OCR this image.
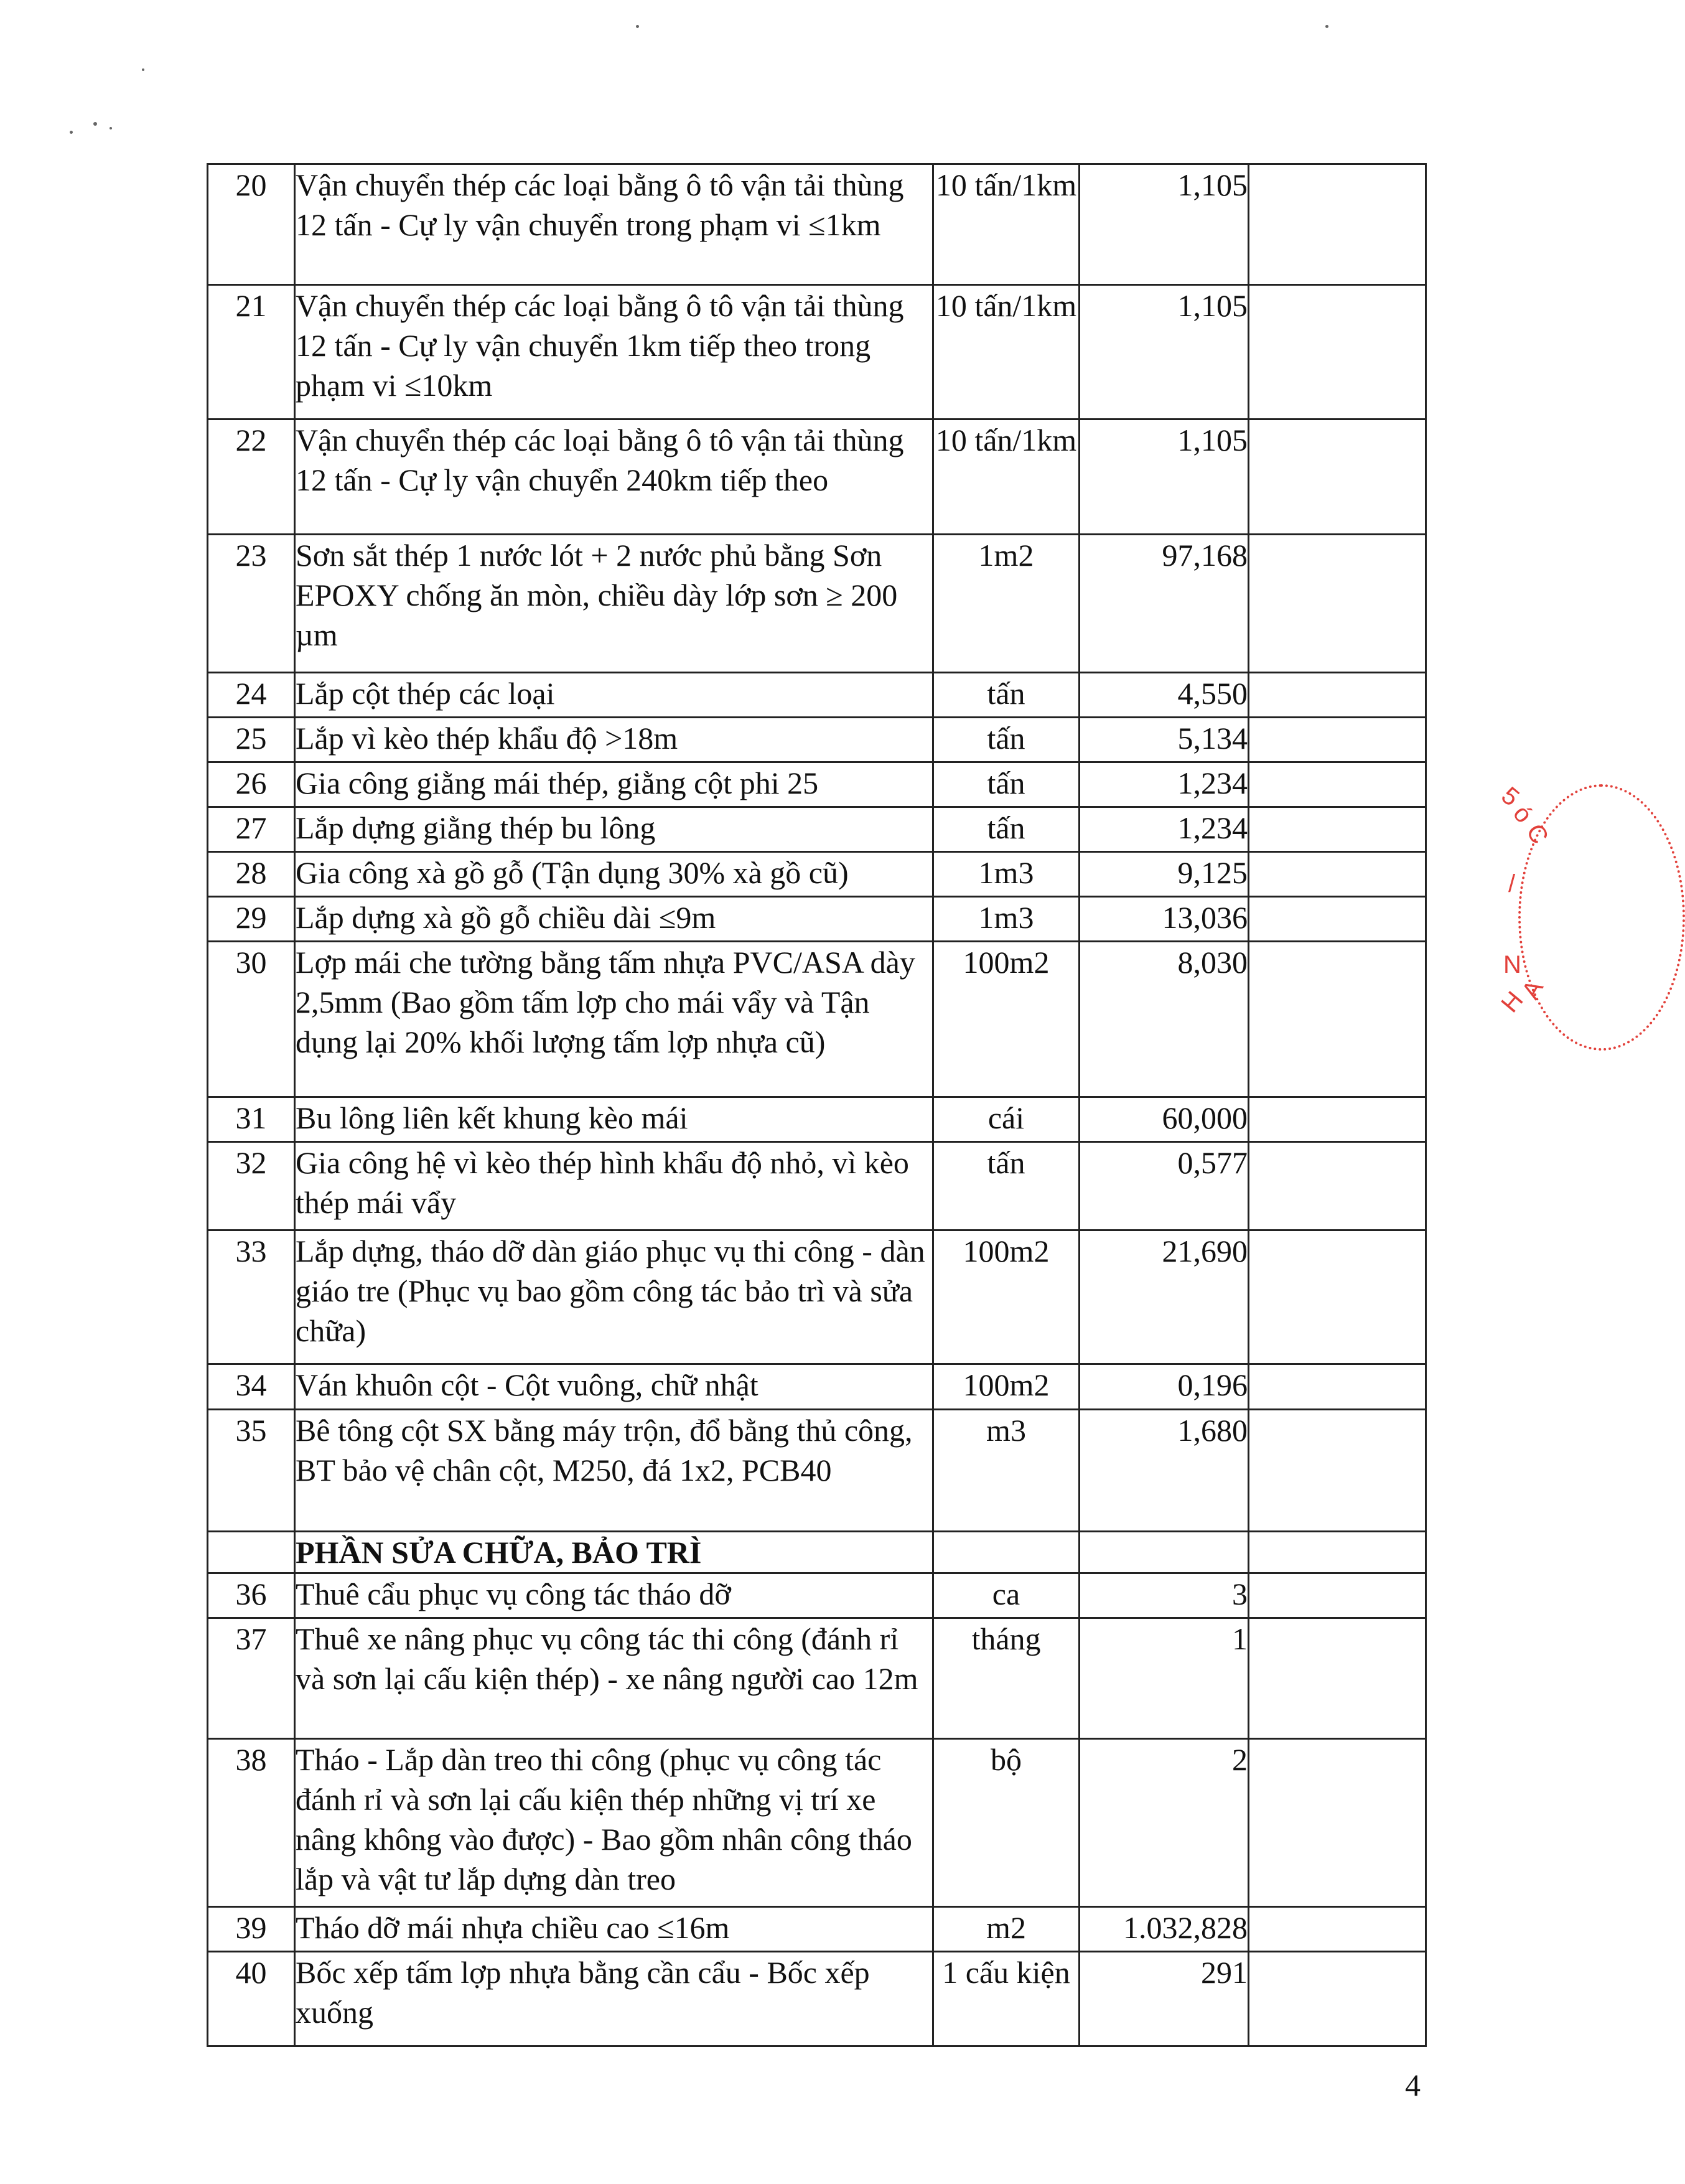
20	Vận chuyển thép các loại bằng ô tô vận tải thùng 12 tấn - Cự ly vận chuyển trong phạm vi ≤1km	10 tấn/1km	1,105	
21	Vận chuyển thép các loại bằng ô tô vận tải thùng 12 tấn - Cự ly vận chuyển 1km tiếp theo trong phạm vi ≤10km	10 tấn/1km	1,105	
22	Vận chuyển thép các loại bằng ô tô vận tải thùng 12 tấn - Cự ly vận chuyển 240km tiếp theo	10 tấn/1km	1,105	
23	Sơn sắt thép 1 nước lót + 2 nước phủ bằng Sơn EPOXY chống ăn mòn, chiều dày lớp sơn ≥ 200 µm	1m2	97,168	
24	Lắp cột thép các loại	tấn	4,550	
25	Lắp vì kèo thép khẩu độ >18m	tấn	5,134	
26	Gia công giằng mái thép, giằng cột phi 25	tấn	1,234	
27	Lắp dựng giằng thép bu lông	tấn	1,234	
28	Gia công xà gồ gỗ (Tận dụng 30% xà gồ cũ)	1m3	9,125	
29	Lắp dựng xà gồ gỗ chiều dài ≤9m	1m3	13,036	
30	Lợp mái che tường bằng tấm nhựa PVC/ASA dày 2,5mm (Bao gồm tấm lợp cho mái vẩy và Tận dụng lại 20% khối lượng tấm lợp nhựa cũ)	100m2	8,030	
31	Bu lông liên kết khung kèo mái	cái	60,000	
32	Gia công hệ vì kèo thép hình khẩu độ nhỏ, vì kèo thép mái vẩy	tấn	0,577	
33	Lắp dựng, tháo dỡ dàn giáo phục vụ thi công - dàn giáo tre (Phục vụ bao gồm công tác bảo trì và sửa chữa)	100m2	21,690	
34	Ván khuôn cột - Cột vuông, chữ nhật	100m2	0,196	
35	Bê tông cột SX bằng máy trộn, đổ bằng thủ công, BT bảo vệ chân cột, M250, đá 1x2, PCB40	m3	1,680	
	PHẦN SỬA CHỮA, BẢO TRÌ			
36	Thuê cẩu phục vụ công tác tháo dỡ	ca	3	
37	Thuê xe nâng phục vụ công tác thi công (đánh rỉ và sơn lại cấu kiện thép) - xe nâng người cao 12m	tháng	1	
38	Tháo - Lắp dàn treo thi công (phục vụ công tác đánh rỉ và sơn lại cấu kiện thép những vị trí xe nâng không vào được) - Bao gồm nhân công tháo lắp và vật tư lắp dựng dàn treo	bộ	2	
39	Tháo dỡ mái nhựa chiều cao ≤16m	m2	1.032,828	
40	Bốc xếp tấm lợp nhựa bằng cần cẩu - Bốc xếp xuống	1 cấu kiện	291	
4
5
ó
C
/
N
H
A
